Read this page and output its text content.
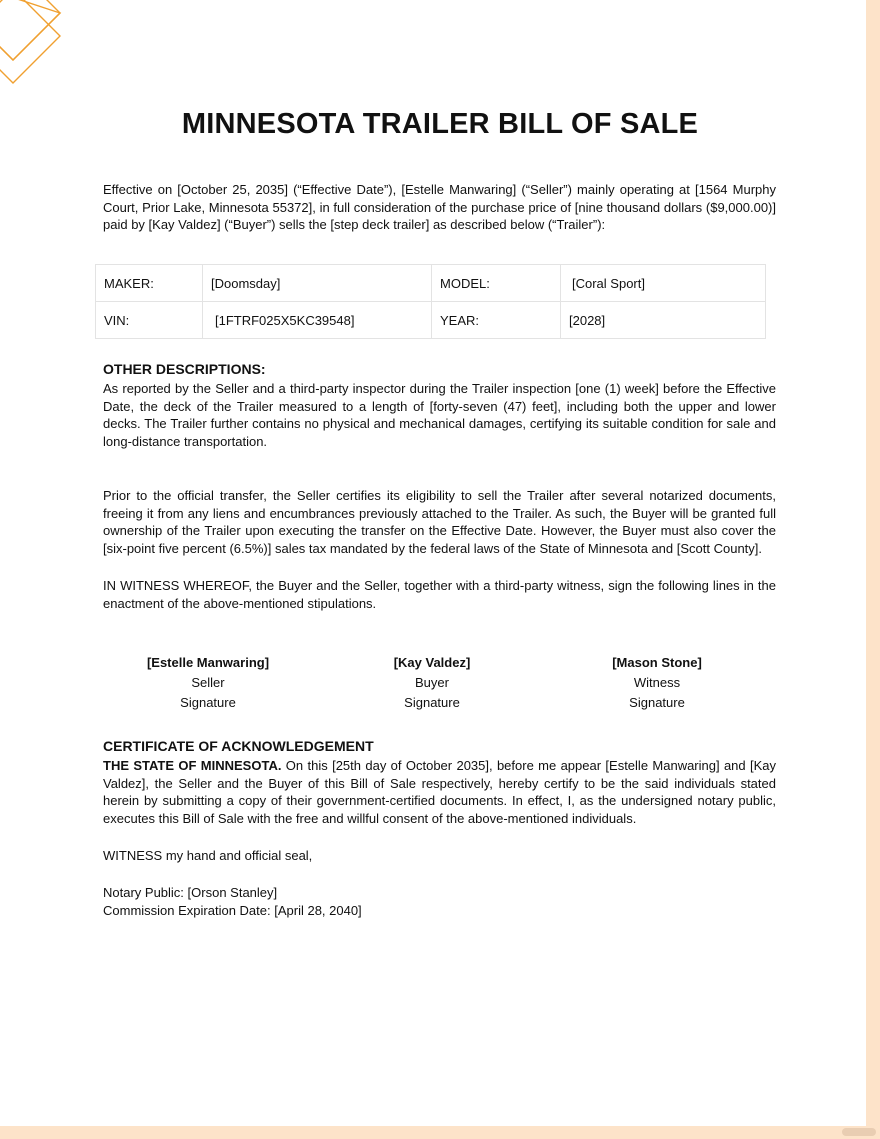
MINNESOTA TRAILER BILL OF SALE

Effective on [October 25, 2035] (“Effective Date”), [Estelle Manwaring] (“Seller”) mainly operating at [1564 Murphy Court, Prior Lake, Minnesota 55372], in full consideration of the purchase price of [nine thousand dollars ($9,000.00)] paid by [Kay Valdez] (“Buyer”) sells the [step deck trailer] as described below (“Trailer”):

MAKER:	[Doomsday]	MODEL:	[Coral Sport]
VIN:	[1FTRF025X5KC39548]	YEAR:	[2028]

OTHER DESCRIPTIONS:

As reported by the Seller and a third-party inspector during the Trailer inspection [one (1) week] before the Effective Date, the deck of the Trailer measured to a length of [forty-seven (47) feet], including both the upper and lower decks. The Trailer further contains no physical and mechanical damages, certifying its suitable condition for sale and long-distance transportation.

Prior to the official transfer, the Seller certifies its eligibility to sell the Trailer after several notarized documents, freeing it from any liens and encumbrances previously attached to the Trailer. As such, the Buyer will be granted full ownership of the Trailer upon executing the transfer on the Effective Date. However, the Buyer must also cover the [six-point five percent (6.5%)] sales tax mandated by the federal laws of the State of Minnesota and [Scott County].

IN WITNESS WHEREOF, the Buyer and the Seller, together with a third-party witness, sign the following lines in the enactment of the above-mentioned stipulations.

[Estelle Manwaring]
Seller
Signature
[Kay Valdez]
Buyer
Signature
[Mason Stone]
Witness
Signature

CERTIFICATE OF ACKNOWLEDGEMENT

THE STATE OF MINNESOTA. On this [25th day of October 2035], before me appear [Estelle Manwaring] and [Kay Valdez], the Seller and the Buyer of this Bill of Sale respectively, hereby certify to be the said individuals stated herein by submitting a copy of their government-certified documents. In effect, I, as the undersigned notary public, executes this Bill of Sale with the free and willful consent of the above-mentioned individuals.

WITNESS my hand and official seal,

Notary Public: [Orson Stanley]

Commission Expiration Date: [April 28, 2040]
